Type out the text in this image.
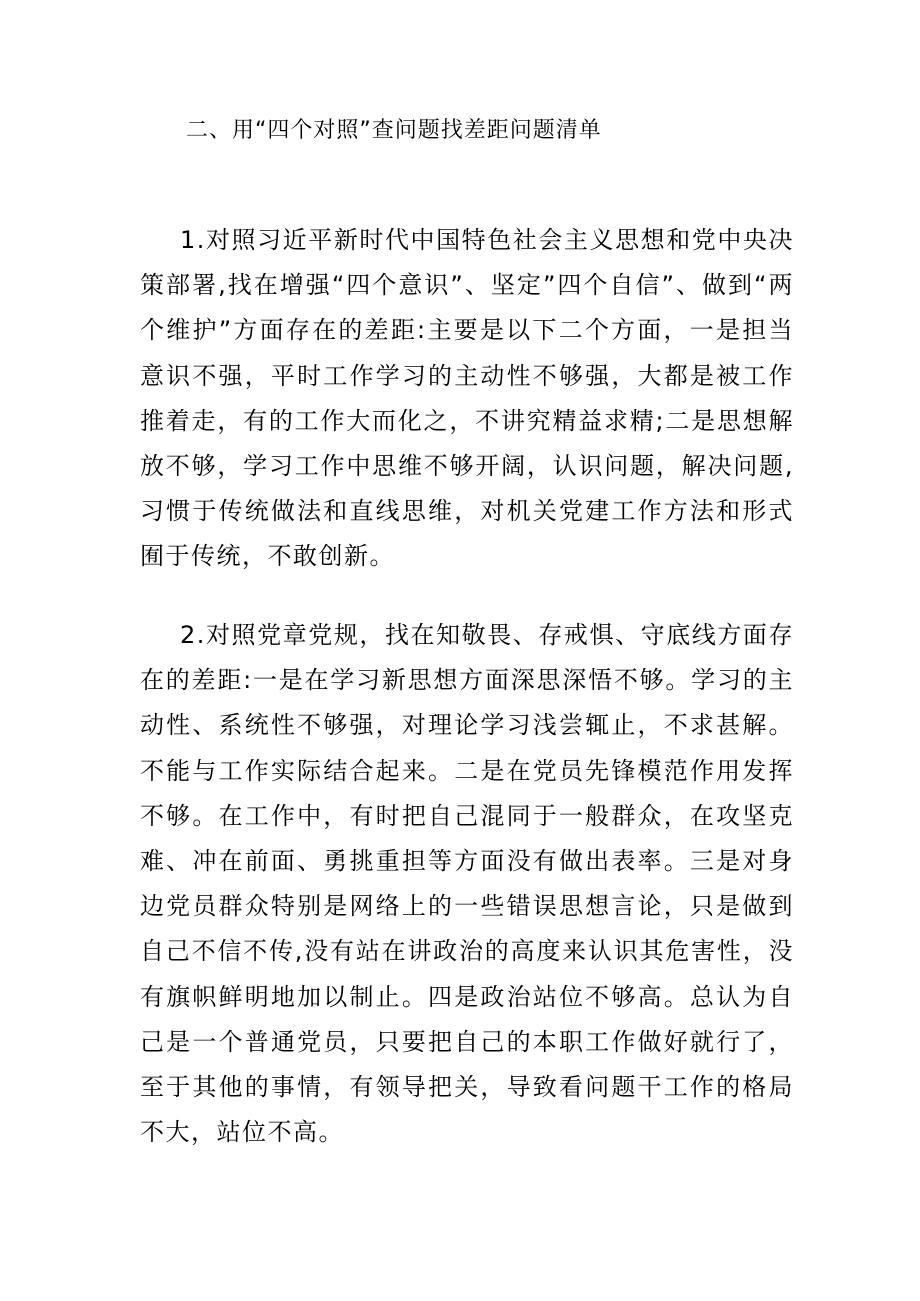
二、用“四个对照”查问题找差距问题清单

1.对照习近平新时代中国特色社会主义思想和党中央决策部署,找在增强“四个意识”、坚定”四个自信”、做到“两个维护”方面存在的差距:主要是以下二个方面，一是担当意识不强，平时工作学习的主动性不够强，大都是被工作推着走，有的工作大而化之，不讲究精益求精;二是思想解放不够，学习工作中思维不够开阔，认识问题，解决问题,习惯于传统做法和直线思维，对机关党建工作方法和形式囿于传统，不敢创新。

2.对照党章党规，找在知敬畏、存戒惧、守底线方面存在的差距:一是在学习新思想方面深思深悟不够。学习的主动性、系统性不够强，对理论学习浅尝辄止，不求甚解。不能与工作实际结合起来。二是在党员先锋模范作用发挥不够。在工作中，有时把自己混同于一般群众，在攻坚克难、冲在前面、勇挑重担等方面没有做出表率。三是对身边党员群众特别是网络上的一些错误思想言论，只是做到自己不信不传,没有站在讲政治的高度来认识其危害性，没有旗帜鲜明地加以制止。四是政治站位不够高。总认为自己是一个普通党员，只要把自己的本职工作做好就行了，至于其他的事情，有领导把关，导致看问题干工作的格局不大，站位不高。
